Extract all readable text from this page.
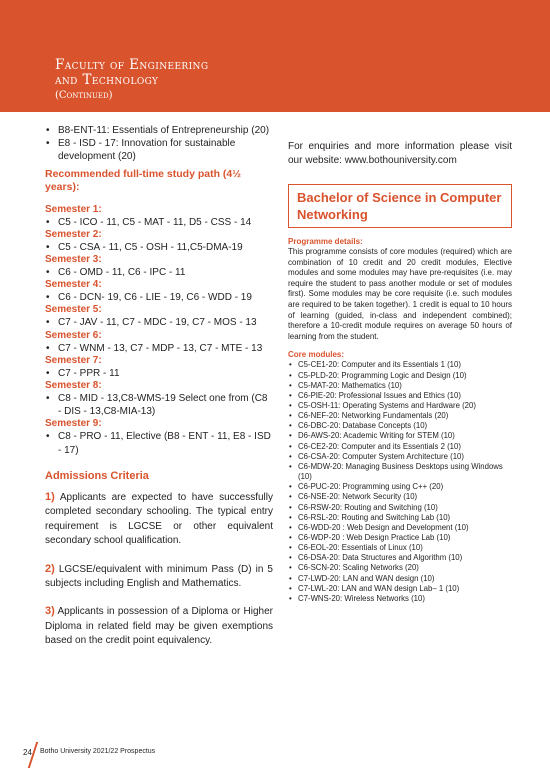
Faculty of Engineering
and Technology
(Continued)
• B8-ENT-11: Essentials of Entrepreneurship (20)
• E8 - ISD - 17: Innovation for sustainable development (20)
Recommended full-time study path (4½ years):
Semester 1:
• C5 - ICO - 11, C5 - MAT - 11, D5 - CSS - 14
Semester 2:
• C5 - CSA - 11, C5 - OSH - 11,C5-DMA-19
Semester 3:
• C6 - OMD - 11, C6 - IPC - 11
Semester 4:
• C6 - DCN- 19, C6 - LIE - 19, C6 - WDD - 19
Semester 5:
• C7 - JAV - 11, C7 - MDC - 19, C7 - MOS - 13
Semester 6:
• C7 - WNM - 13, C7 - MDP - 13, C7 - MTE - 13
Semester 7:
• C7 - PPR - 11
Semester 8:
• C8 - MID - 13,C8-WMS-19 Select one from (C8 - DIS - 13,C8-MIA-13)
Semester 9:
• C8 - PRO - 11, Elective (B8 - ENT - 11, E8 - ISD - 17)
Admissions Criteria

1) Applicants are expected to have successfully completed secondary schooling. The typical entry requirement is LGCSE or other equivalent secondary school qualification.

2) LGCSE/equivalent with minimum Pass (D) in 5 subjects including English and Mathematics.

3) Applicants in possession of a Diploma or Higher Diploma in related field may be given exemptions based on the credit point equivalency.

For enquiries and more information please visit our website: www.bothouniversity.com

Bachelor of Science in Computer Networking
Programme details:

This programme consists of core modules (required) which are combination of 10 credit and 20 credit modules, Elective modules and some modules may have pre-requisites (i.e. may require the student to pass another module or set of modules first). Some modules may be core requisite (i.e. such modules are required to be taken together). 1 credit is equal to 10 hours of learning (guided, in-class and independent combined); therefore a 10-credit module requires on average 50 hours of learning from the student.

Core modules:
• C5-CE1-20: Computer and its Essentials 1 (10)
• C5-PLD-20: Programming Logic and Design (10)
• C5-MAT-20: Mathematics (10)
• C6-PIE-20: Professional Issues and Ethics (10)
• C5-OSH-11: Operating Systems and Hardware (20)
• C6-NEF-20: Networking Fundamentals (20)
• C6-DBC-20: Database Concepts (10)
• D6-AWS-20: Academic Writing for STEM (10)
• C6-CE2-20: Computer and its Essentials 2 (10)
• C6-CSA-20: Computer System Architecture (10)
• C6-MDW-20: Managing Business Desktops using Windows (10)
• C6-PUC-20: Programming using C++ (20)
• C6-NSE-20: Network Security (10)
• C6-RSW-20: Routing and Switching (10)
• C6-RSL-20: Routing and Switching Lab (10)
• C6-WDD-20 : Web Design and Development (10)
• C6-WDP-20 : Web Design Practice Lab (10)
• C6-EOL-20: Essentials of Linux (10)
• C6-DSA-20: Data Structures and Algorithm (10)
• C6-SCN-20: Scaling Networks (20)
• C7-LWD-20: LAN and WAN design (10)
• C7-LWL-20: LAN and WAN design Lab– 1 (10)
• C7-WNS-20: Wireless Networks (10)
24 Botho University 2021/22 Prospectus
